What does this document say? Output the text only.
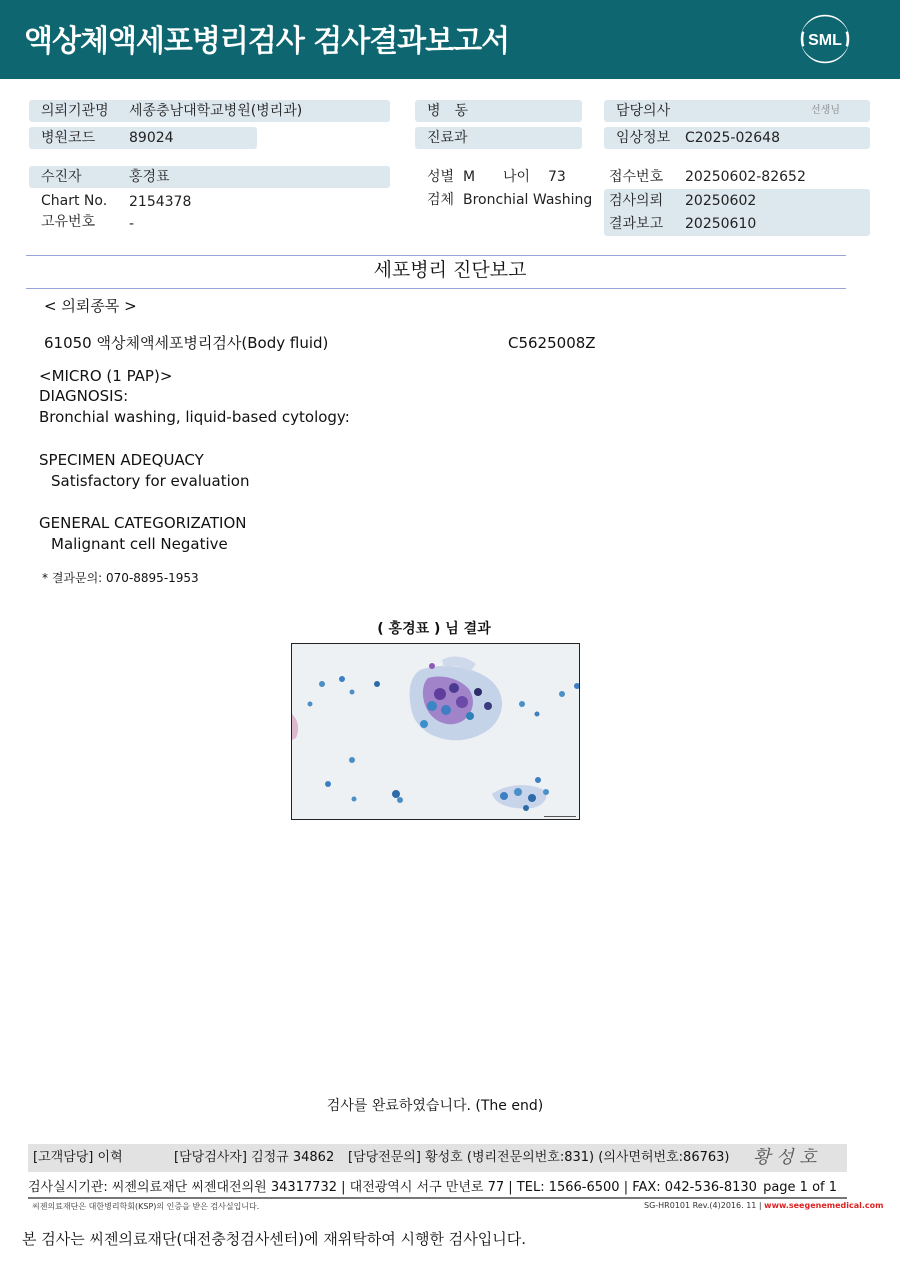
액상체액세포병리검사 검사결과보고서	SML
의뢰기관명 세종충남대학교병원(병리과)
병원코드 89024
수진자	홍경표
Chart No. 2154378
고유번호 -
병　동
진료과
성별 M 나이 73
검체 Bronchial Washing
담당의사	선생님
임상정보 C2025-02648
접수번호 20250602-82652
검사의뢰 20250602
결과보고 20250610
세포병리 진단보고
< 의뢰종목 >
61050 액상체액세포병리검사(Body fluid)	C5625008Z
<MICRO (1 PAP)>
DIAGNOSIS:
Bronchial washing, liquid-based cytology:
SPECIMEN ADEQUACY
Satisfactory for evaluation
GENERAL CATEGORIZATION
Malignant cell Negative
* 결과문의: 070-8895-1953
( 홍경표 ) 님 결과
검사를 완료하였습니다. (The end)
[고객담당] 이혁	[담당검사자] 김정규 34862 [담당전문의] 황성호 (병리전문의번호:831) (의사면허번호:86763) 황 성 호
검사실시기관: 씨젠의료재단 씨젠대전의원 34317732 | 대전광역시 서구 만년로 77 | TEL: 1566-6500 | FAX: 042-536-8130 page 1 of 1
씨젠의료재단은 대한병리학회(KSP)의 인증을 받은 검사실입니다.	SG-HR0101 Rev.(4)2016. 11 | www.seegenemedical.com
본 검사는 씨젠의료재단(대전충청검사센터)에 재위탁하여 시행한 검사입니다.
